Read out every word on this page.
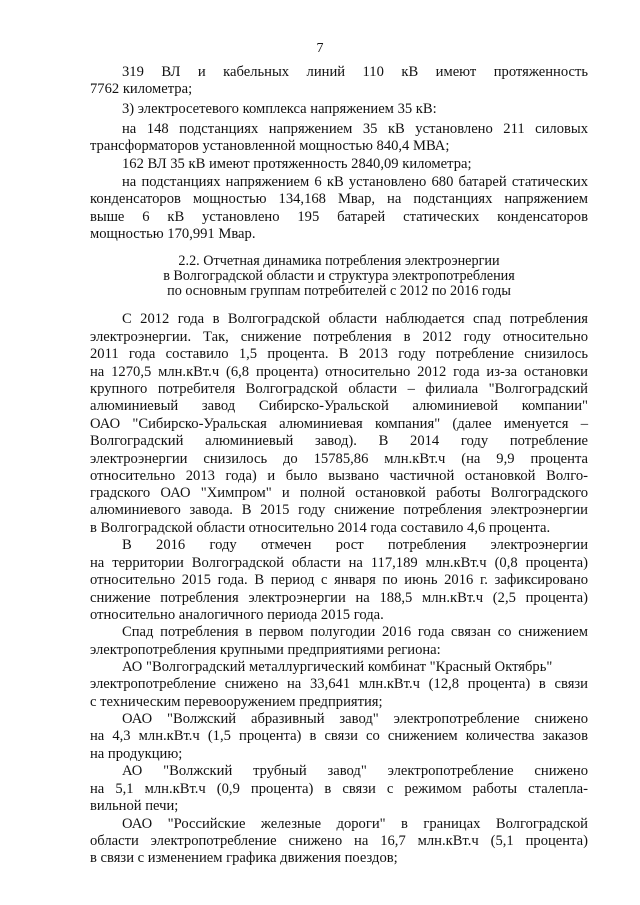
7
319 ВЛ и кабельных линий 110 кВ имеют протяженность
7762 километра;
3) электросетевого комплекса напряжением 35 кВ:
на 148 подстанциях напряжением 35 кВ установлено 211 силовых
трансформаторов установленной мощностью 840,4 МВА;
162 ВЛ 35 кВ имеют протяженность 2840,09 километра;
на подстанциях напряжением 6 кВ установлено 680 батарей статических
конденсаторов мощностью 134,168 Мвар, на подстанциях напряжением
выше 6 кВ установлено 195 батарей статических конденсаторов
мощностью 170,991 Мвар.
2.2. Отчетная динамика потребления электроэнергии
в Волгоградской области и структура электропотребления
по основным группам потребителей с 2012 по 2016 годы
С 2012 года в Волгоградской области наблюдается спад потребления
электроэнергии. Так, снижение потребления в 2012 году относительно
2011 года составило 1,5 процента. В 2013 году потребление снизилось
на 1270,5 млн.кВт.ч (6,8 процента) относительно 2012 года из-за остановки
крупного потребителя Волгоградской области – филиала "Волгоградский
алюминиевый завод Сибирско-Уральской алюминиевой компании"
ОАО "Сибирско-Уральская алюминиевая компания" (далее именуется –
Волгоградский алюминиевый завод). В 2014 году потребление
электроэнергии снизилось до 15785,86 млн.кВт.ч (на 9,9 процента
относительно 2013 года) и было вызвано частичной остановкой Волго-
градского ОАО "Химпром" и полной остановкой работы Волгоградского
алюминиевого завода. В 2015 году снижение потребления электроэнергии
в Волгоградской области относительно 2014 года составило 4,6 процента.
В 2016 году отмечен рост потребления электроэнергии
на территории Волгоградской области на 117,189 млн.кВт.ч (0,8 процента)
относительно 2015 года. В период с января по июнь 2016 г. зафиксировано
снижение потребления электроэнергии на 188,5 млн.кВт.ч (2,5 процента)
относительно аналогичного периода 2015 года.
Спад потребления в первом полугодии 2016 года связан со снижением
электропотребления крупными предприятиями региона:
АО "Волгоградский металлургический комбинат "Красный Октябрь"
электропотребление снижено на 33,641 млн.кВт.ч (12,8 процента) в связи
с техническим перевооружением предприятия;
ОАО "Волжский абразивный завод" электропотребление снижено
на 4,3 млн.кВт.ч (1,5 процента) в связи со снижением количества заказов
на продукцию;
АО "Волжский трубный завод" электропотребление снижено
на 5,1 млн.кВт.ч (0,9 процента) в связи с режимом работы сталепла-
вильной печи;
ОАО "Российские железные дороги" в границах Волгоградской
области электропотребление снижено на 16,7 млн.кВт.ч (5,1 процента)
в связи с изменением графика движения поездов;
